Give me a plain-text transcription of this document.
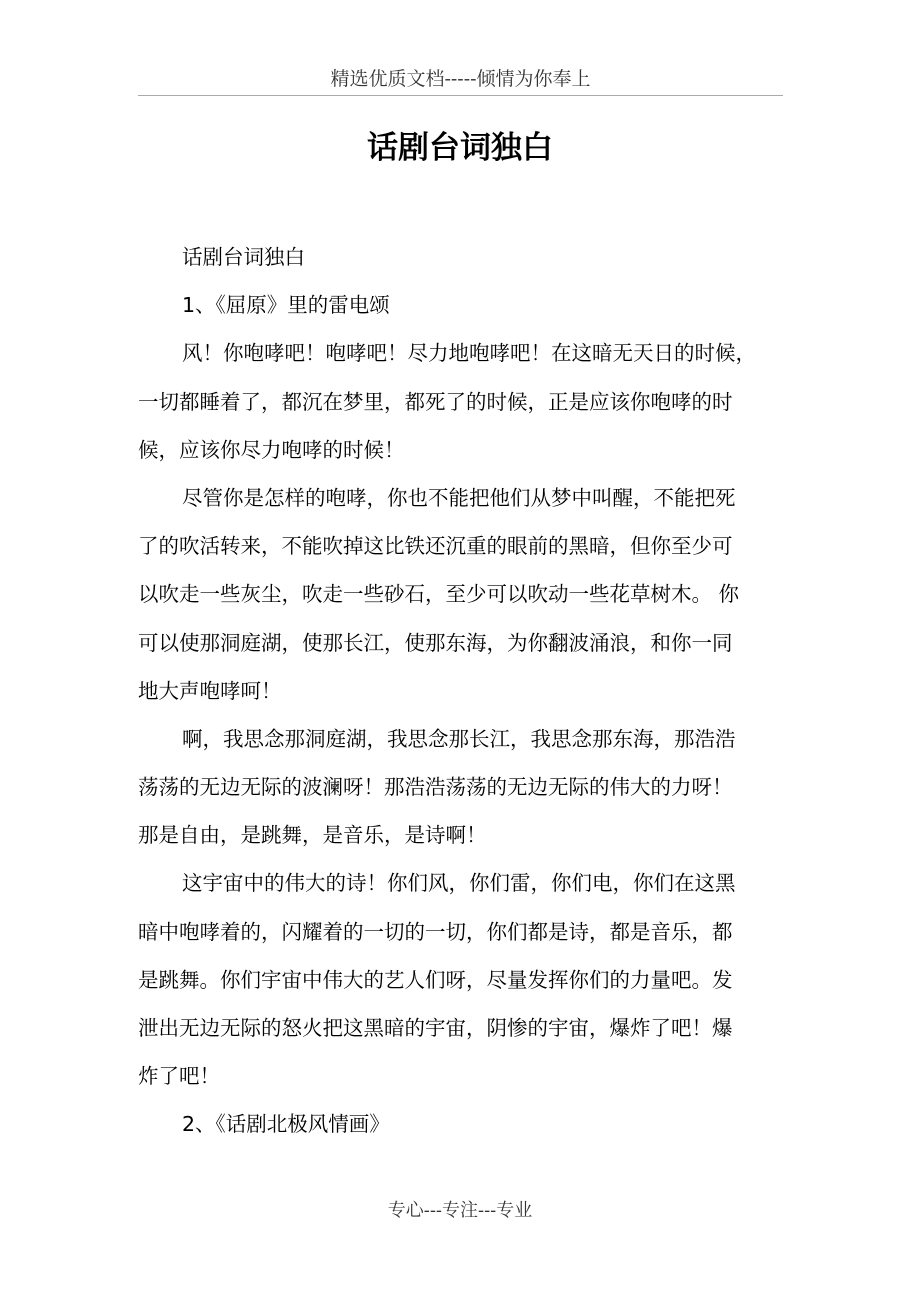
精选优质文档-----倾情为你奉上
话剧台词独白
话剧台词独白
1、《屈原》里的雷电颂
风！你咆哮吧！咆哮吧！尽力地咆哮吧！在这暗无天日的时候，
一切都睡着了，都沉在梦里，都死了的时候，正是应该你咆哮的时
候，应该你尽力咆哮的时候！
尽管你是怎样的咆哮，你也不能把他们从梦中叫醒，不能把死
了的吹活转来，不能吹掉这比铁还沉重的眼前的黑暗，但你至少可
以吹走一些灰尘，吹走一些砂石，至少可以吹动一些花草树木。 你
可以使那洞庭湖，使那长江，使那东海，为你翻波涌浪，和你一同
地大声咆哮呵！
啊，我思念那洞庭湖，我思念那长江，我思念那东海，那浩浩
荡荡的无边无际的波澜呀！那浩浩荡荡的无边无际的伟大的力呀！
那是自由，是跳舞，是音乐，是诗啊！
这宇宙中的伟大的诗！你们风，你们雷，你们电，你们在这黑
暗中咆哮着的，闪耀着的一切的一切，你们都是诗，都是音乐，都
是跳舞。你们宇宙中伟大的艺人们呀，尽量发挥你们的力量吧。发
泄出无边无际的怒火把这黑暗的宇宙，阴惨的宇宙，爆炸了吧！爆
炸了吧！
2、《话剧北极风情画》
专心---专注---专业
